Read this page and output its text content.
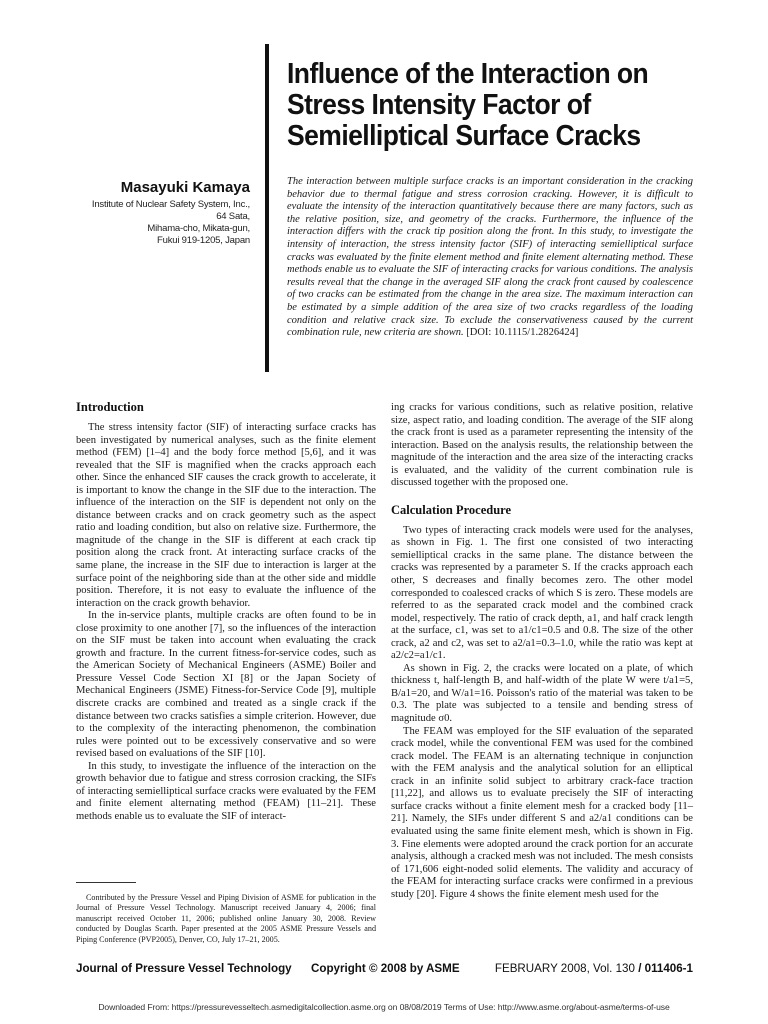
Influence of the Interaction on
Stress Intensity Factor of
Semielliptical Surface Cracks
Masayuki Kamaya
Institute of Nuclear Safety System, Inc.,
64 Sata,
Mihama-cho, Mikata-gun,
Fukui 919-1205, Japan
The interaction between multiple surface cracks is an important consideration in the cracking behavior due to thermal fatigue and stress corrosion cracking. However, it is difficult to evaluate the intensity of the interaction quantitatively because there are many factors, such as the relative position, size, and geometry of the cracks. Furthermore, the influence of the interaction differs with the crack tip position along the front. In this study, to investigate the intensity of interaction, the stress intensity factor (SIF) of interacting semielliptical surface cracks was evaluated by the finite element method and finite element alternating method. These methods enable us to evaluate the SIF of interacting cracks for various conditions. The analysis results reveal that the change in the averaged SIF along the crack front caused by coalescence of two cracks can be estimated from the change in the area size. The maximum interaction can be estimated by a simple addition of the area size of two cracks regardless of the loading condition and relative crack size. To exclude the conservativeness caused by the current combination rule, new criteria are shown. [DOI: 10.1115/1.2826424]
Introduction

The stress intensity factor (SIF) of interacting surface cracks has been investigated by numerical analyses, such as the finite element method (FEM) [1–4] and the body force method [5,6], and it was revealed that the SIF is magnified when the cracks approach each other. Since the enhanced SIF causes the crack growth to accelerate, it is important to know the change in the SIF due to the interaction. The influence of the interaction on the SIF is dependent not only on the distance between cracks and on crack geometry such as the aspect ratio and loading condition, but also on relative size. Furthermore, the magnitude of the change in the SIF is different at each crack tip position along the crack front. At interacting surface cracks of the same plane, the increase in the SIF due to interaction is larger at the surface point of the neighboring side than at the other side and middle position. Therefore, it is not easy to evaluate the influence of the interaction on the crack growth behavior.

In the in-service plants, multiple cracks are often found to be in close proximity to one another [7], so the influences of the interaction on the SIF must be taken into account when evaluating the crack growth and fracture. In the current fitness-for-service codes, such as the American Society of Mechanical Engineers (ASME) Boiler and Pressure Vessel Code Section XI [8] or the Japan Society of Mechanical Engineers (JSME) Fitness-for-Service Code [9], multiple discrete cracks are combined and treated as a single crack if the distance between two cracks satisfies a simple criterion. However, due to the complexity of the interacting phenomenon, the combination rules were pointed out to be excessively conservative and so were revised based on evaluations of the SIF [10].

In this study, to investigate the influence of the interaction on the growth behavior due to fatigue and stress corrosion cracking, the SIFs of interacting semielliptical surface cracks were evaluated by the FEM and finite element alternating method (FEAM) [11–21]. These methods enable us to evaluate the SIF of interact-

ing cracks for various conditions, such as relative position, relative size, aspect ratio, and loading condition. The average of the SIF along the crack front is used as a parameter representing the intensity of the interaction. Based on the analysis results, the relationship between the magnitude of the interaction and the area size of the interacting cracks is evaluated, and the validity of the current combination rule is discussed together with the proposed one.

Calculation Procedure

Two types of interacting crack models were used for the analyses, as shown in Fig. 1. The first one consisted of two interacting semielliptical cracks in the same plane. The distance between the cracks was represented by a parameter S. If the cracks approach each other, S decreases and finally becomes zero. The other model corresponded to coalesced cracks of which S is zero. These models are referred to as the separated crack model and the combined crack model, respectively. The ratio of crack depth, a1, and half crack length at the surface, c1, was set to a1/c1=0.5 and 0.8. The size of the other crack, a2 and c2, was set to a2/a1=0.3–1.0, while the ratio was kept at a2/c2=a1/c1.

As shown in Fig. 2, the cracks were located on a plate, of which thickness t, half-length B, and half-width of the plate W were t/a1=5, B/a1=20, and W/a1=16. Poisson's ratio of the material was taken to be 0.3. The plate was subjected to a tensile and bending stress of magnitude σ0.

The FEAM was employed for the SIF evaluation of the separated crack model, while the conventional FEM was used for the combined crack model. The FEAM is an alternating technique in conjunction with the FEM analysis and the analytical solution for an elliptical crack in an infinite solid subject to arbitrary crack-face traction [11,22], and allows us to evaluate precisely the SIF of interacting surface cracks without a finite element mesh for a cracked body [11–21]. Namely, the SIFs under different S and a2/a1 conditions can be evaluated using the same finite element mesh, which is shown in Fig. 3. Fine elements were adopted around the crack portion for an accurate analysis, although a cracked mesh was not included. The mesh consists of 171,606 eight-noded solid elements. The validity and accuracy of the FEAM for interacting surface cracks were confirmed in a previous study [20]. Figure 4 shows the finite element mesh used for the

Contributed by the Pressure Vessel and Piping Division of ASME for publication in the Journal of Pressure Vessel Technology. Manuscript received January 4, 2006; final manuscript received October 11, 2006; published online January 30, 2008. Review conducted by Douglas Scarth. Paper presented at the 2005 ASME Pressure Vessels and Piping Conference (PVP2005), Denver, CO, July 17–21, 2005.

Journal of Pressure Vessel Technology Copyright © 2008 by ASME	FEBRUARY 2008, Vol. 130 / 011406-1
Downloaded From: https://pressurevesseltech.asmedigitalcollection.asme.org on 08/08/2019 Terms of Use: http://www.asme.org/about-asme/terms-of-use
